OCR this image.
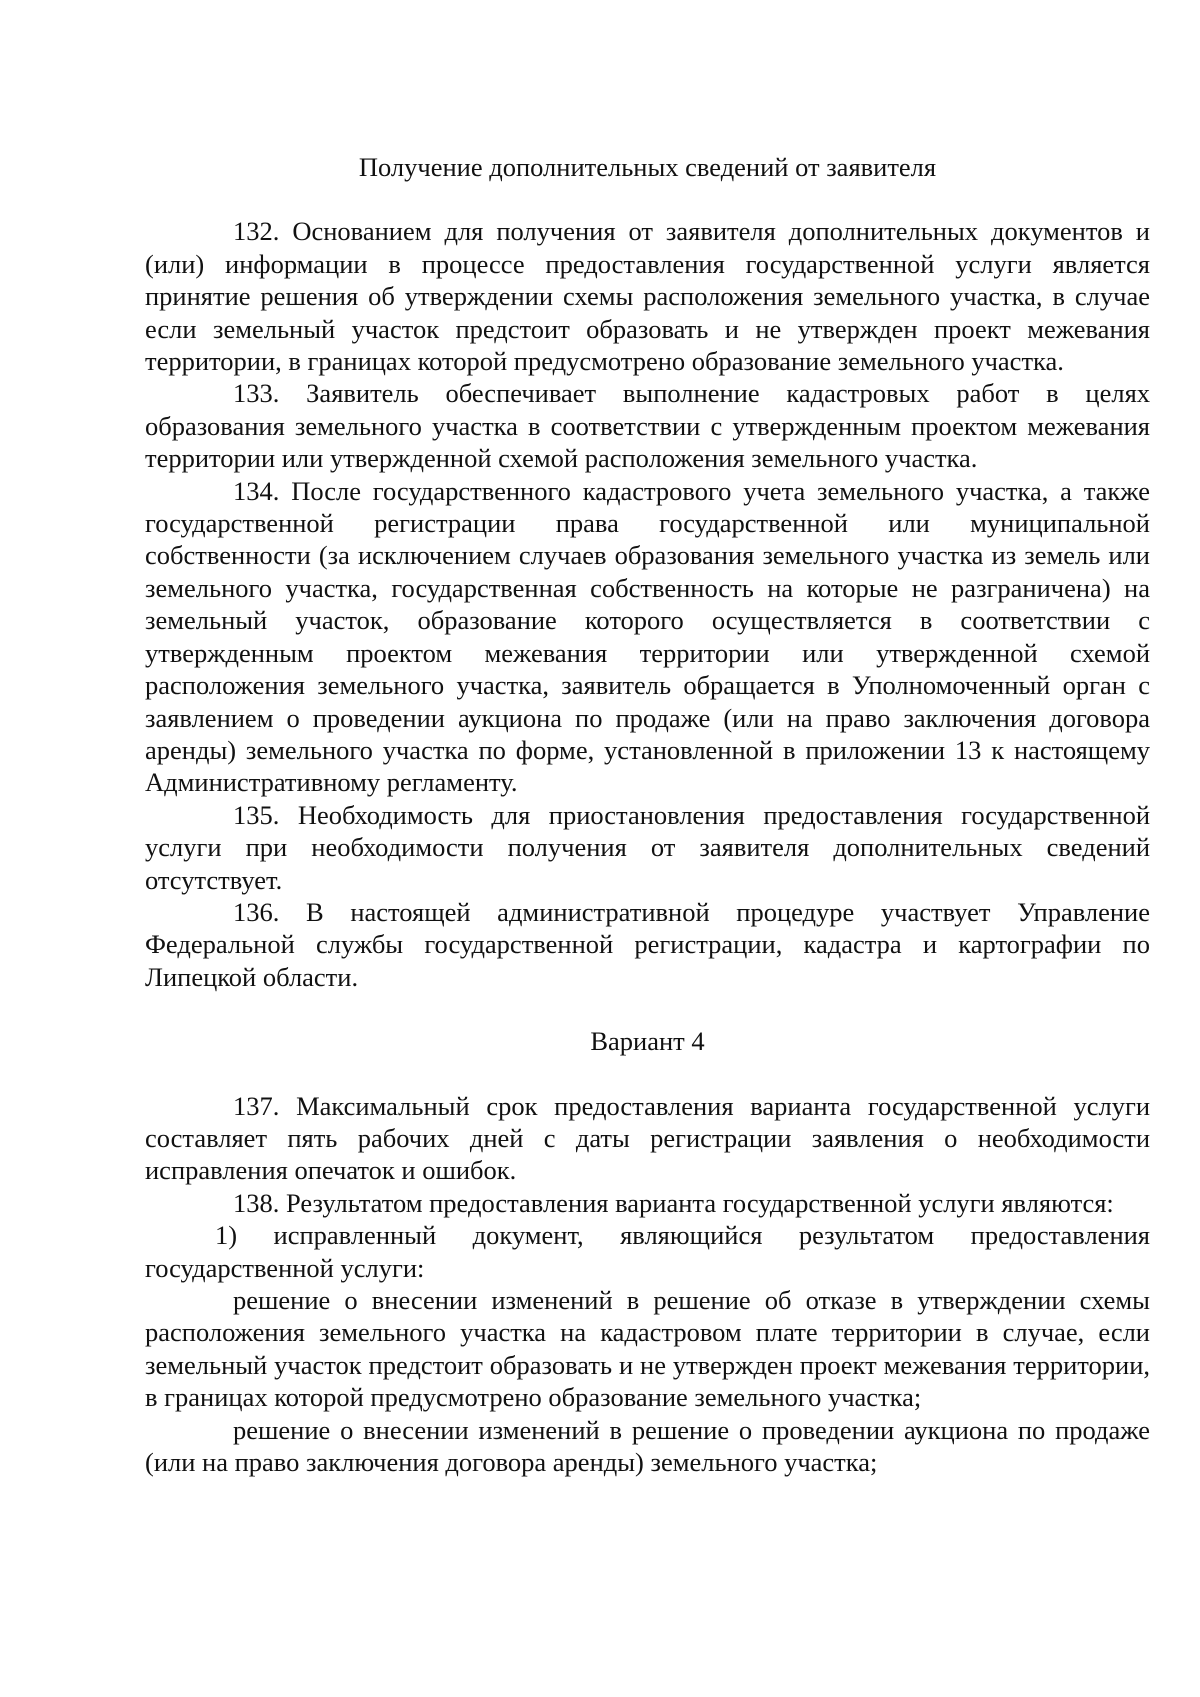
Получение дополнительных сведений от заявителя

132. Основанием для получения от заявителя дополнительных документов и (или) информации в процессе предоставления государственной услуги является принятие решения об утверждении схемы расположения земельного участка, в случае если земельный участок предстоит образовать и не утвержден проект межевания территории, в границах которой предусмотрено образование земельного участка.

133. Заявитель обеспечивает выполнение кадастровых работ в целях образования земельного участка в соответствии с утвержденным проектом межевания территории или утвержденной схемой расположения земельного участка.

134. После государственного кадастрового учета земельного участка, а также государственной регистрации права государственной или муниципальной собственности (за исключением случаев образования земельного участка из земель или земельного участка, государственная собственность на которые не разграничена) на земельный участок, образование которого осуществляется в соответствии с утвержденным проектом межевания территории или утвержденной схемой расположения земельного участка, заявитель обращается в Уполномоченный орган с заявлением о проведении аукциона по продаже (или на право заключения договора аренды) земельного участка по форме, установленной в приложении 13 к настоящему Административному регламенту.

135. Необходимость для приостановления предоставления государственной услуги при необходимости получения от заявителя дополнительных сведений отсутствует.

136. В настоящей административной процедуре участвует Управление Федеральной службы государственной регистрации, кадастра и картографии по Липецкой области.

Вариант 4

137. Максимальный срок предоставления варианта государственной услуги составляет пять рабочих дней с даты регистрации заявления о необходимости исправления опечаток и ошибок.

138. Результатом предоставления варианта государственной услуги являются:

1) исправленный документ, являющийся результатом предоставления государственной услуги:

решение о внесении изменений в решение об отказе в утверждении схемы расположения земельного участка на кадастровом плате территории в случае, если земельный участок предстоит образовать и не утвержден проект межевания территории, в границах которой предусмотрено образование земельного участка;

решение о внесении изменений в решение о проведении аукциона по продаже (или на право заключения договора аренды) земельного участка;
